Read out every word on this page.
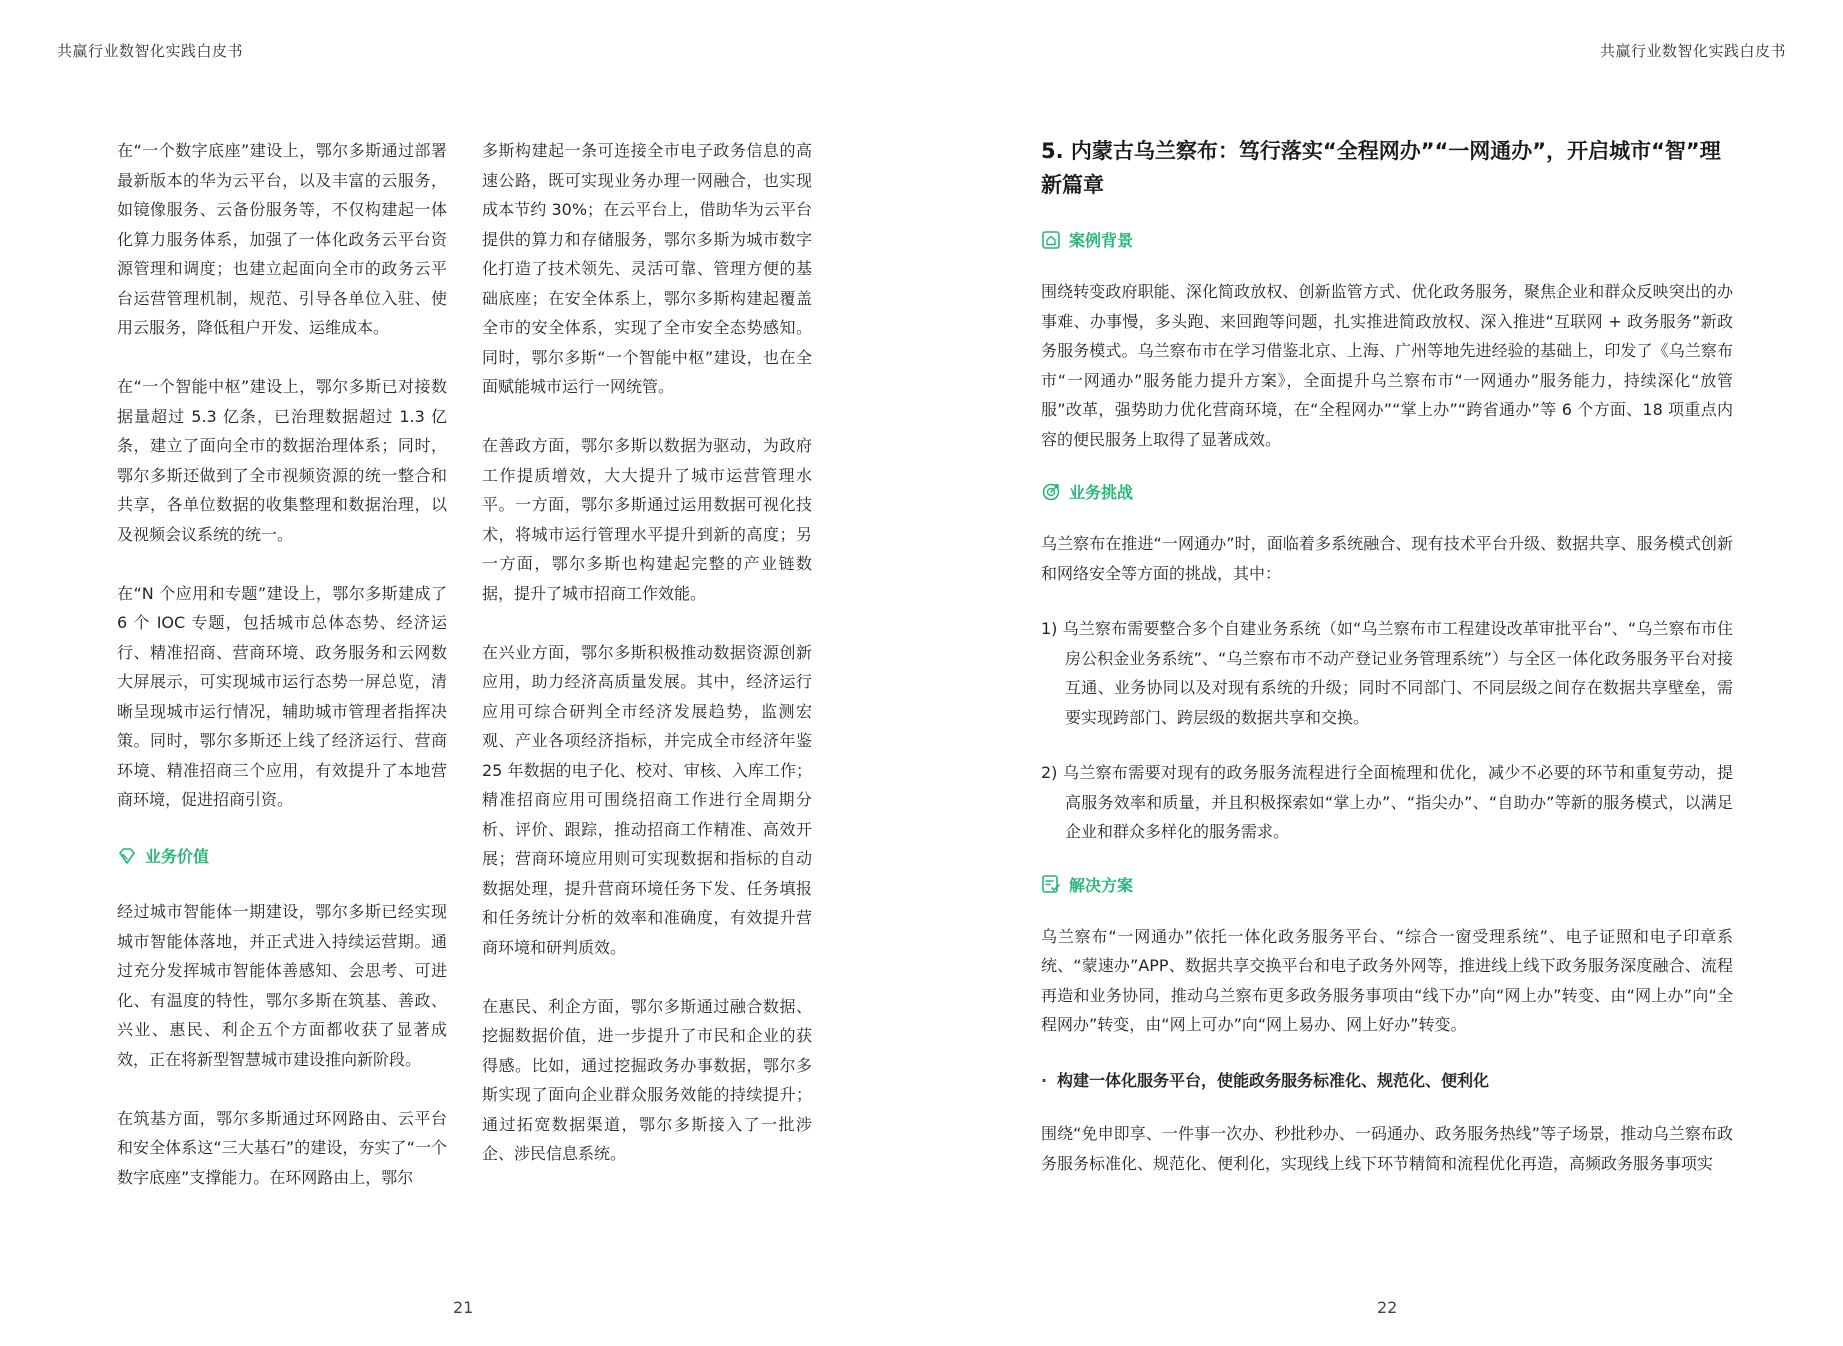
共赢行业数智化实践白皮书	共赢行业数智化实践白皮书

在“一个数字底座”建设上，鄂尔多斯通过部署最新版本的华为云平台，以及丰富的云服务，如镜像服务、云备份服务等，不仅构建起一体化算力服务体系，加强了一体化政务云平台资源管理和调度；也建立起面向全市的政务云平台运营管理机制，规范、引导各单位入驻、使用云服务，降低租户开发、运维成本。

在“一个智能中枢”建设上，鄂尔多斯已对接数据量超过 5.3 亿条，已治理数据超过 1.3 亿条，建立了面向全市的数据治理体系；同时，鄂尔多斯还做到了全市视频资源的统一整合和共享，各单位数据的收集整理和数据治理，以及视频会议系统的统一。

在“N 个应用和专题”建设上，鄂尔多斯建成了 6 个 IOC 专题，包括城市总体态势、经济运行、精准招商、营商环境、政务服务和云网数大屏展示，可实现城市运行态势一屏总览，清晰呈现城市运行情况，辅助城市管理者指挥决策。同时，鄂尔多斯还上线了经济运行、营商环境、精准招商三个应用，有效提升了本地营商环境，促进招商引资。

业务价值

经过城市智能体一期建设，鄂尔多斯已经实现城市智能体落地，并正式进入持续运营期。通过充分发挥城市智能体善感知、会思考、可进化、有温度的特性，鄂尔多斯在筑基、善政、兴业、惠民、利企五个方面都收获了显著成效，正在将新型智慧城市建设推向新阶段。

在筑基方面，鄂尔多斯通过环网路由、云平台和安全体系这“三大基石”的建设，夯实了“一个数字底座”支撑能力。在环网路由上，鄂尔

多斯构建起一条可连接全市电子政务信息的高速公路，既可实现业务办理一网融合，也实现成本节约 30%；在云平台上，借助华为云平台提供的算力和存储服务，鄂尔多斯为城市数字化打造了技术领先、灵活可靠、管理方便的基础底座；在安全体系上，鄂尔多斯构建起覆盖全市的安全体系，实现了全市安全态势感知。同时，鄂尔多斯“一个智能中枢”建设，也在全面赋能城市运行一网统管。

在善政方面，鄂尔多斯以数据为驱动，为政府工作提质增效，大大提升了城市运营管理水平。一方面，鄂尔多斯通过运用数据可视化技术，将城市运行管理水平提升到新的高度；另一方面，鄂尔多斯也构建起完整的产业链数据，提升了城市招商工作效能。

在兴业方面，鄂尔多斯积极推动数据资源创新应用，助力经济高质量发展。其中，经济运行应用可综合研判全市经济发展趋势，监测宏观、产业各项经济指标，并完成全市经济年鉴 25 年数据的电子化、校对、审核、入库工作；精准招商应用可围绕招商工作进行全周期分析、评价、跟踪，推动招商工作精准、高效开展；营商环境应用则可实现数据和指标的自动数据处理，提升营商环境任务下发、任务填报和任务统计分析的效率和准确度，有效提升营商环境和研判质效。

在惠民、利企方面，鄂尔多斯通过融合数据、挖掘数据价值，进一步提升了市民和企业的获得感。比如，通过挖掘政务办事数据，鄂尔多斯实现了面向企业群众服务效能的持续提升；通过拓宽数据渠道，鄂尔多斯接入了一批涉企、涉民信息系统。

21
5. 内蒙古乌兰察布：笃行落实“全程网办”“一网通办”，开启城市“智”理新篇章
案例背景

围绕转变政府职能、深化简政放权、创新监管方式、优化政务服务，聚焦企业和群众反映突出的办事难、办事慢，多头跑、来回跑等问题，扎实推进简政放权、深入推进“互联网 + 政务服务”新政务服务模式。乌兰察布市在学习借鉴北京、上海、广州等地先进经验的基础上，印发了《乌兰察布市“一网通办”服务能力提升方案》，全面提升乌兰察布市“一网通办”服务能力，持续深化“放管服”改革，强势助力优化营商环境，在“全程网办”“掌上办”“跨省通办”等 6 个方面、18 项重点内容的便民服务上取得了显著成效。

业务挑战

乌兰察布在推进“一网通办”时，面临着多系统融合、现有技术平台升级、数据共享、服务模式创新和网络安全等方面的挑战，其中：

1) 乌兰察布需要整合多个自建业务系统（如“乌兰察布市工程建设改革审批平台”、“乌兰察布市住房公积金业务系统”、“乌兰察布市不动产登记业务管理系统”）与全区一体化政务服务平台对接互通、业务协同以及对现有系统的升级；同时不同部门、不同层级之间存在数据共享壁垒，需要实现跨部门、跨层级的数据共享和交换。

2) 乌兰察布需要对现有的政务服务流程进行全面梳理和优化，减少不必要的环节和重复劳动，提高服务效率和质量，并且积极探索如“掌上办”、“指尖办”、“自助办”等新的服务模式，以满足企业和群众多样化的服务需求。

解决方案

乌兰察布“一网通办”依托一体化政务服务平台、“综合一窗受理系统”、电子证照和电子印章系统、“蒙速办”APP、数据共享交换平台和电子政务外网等，推进线上线下政务服务深度融合、流程再造和业务协同，推动乌兰察布更多政务服务事项由“线下办”向“网上办”转变、由“网上办”向“全程网办”转变，由“网上可办”向“网上易办、网上好办”转变。

· 构建一体化服务平台，使能政务服务标准化、规范化、便利化

围绕“免申即享、一件事一次办、秒批秒办、一码通办、政务服务热线”等子场景，推动乌兰察布政务服务标准化、规范化、便利化，实现线上线下环节精简和流程优化再造，高频政务服务事项实

22
